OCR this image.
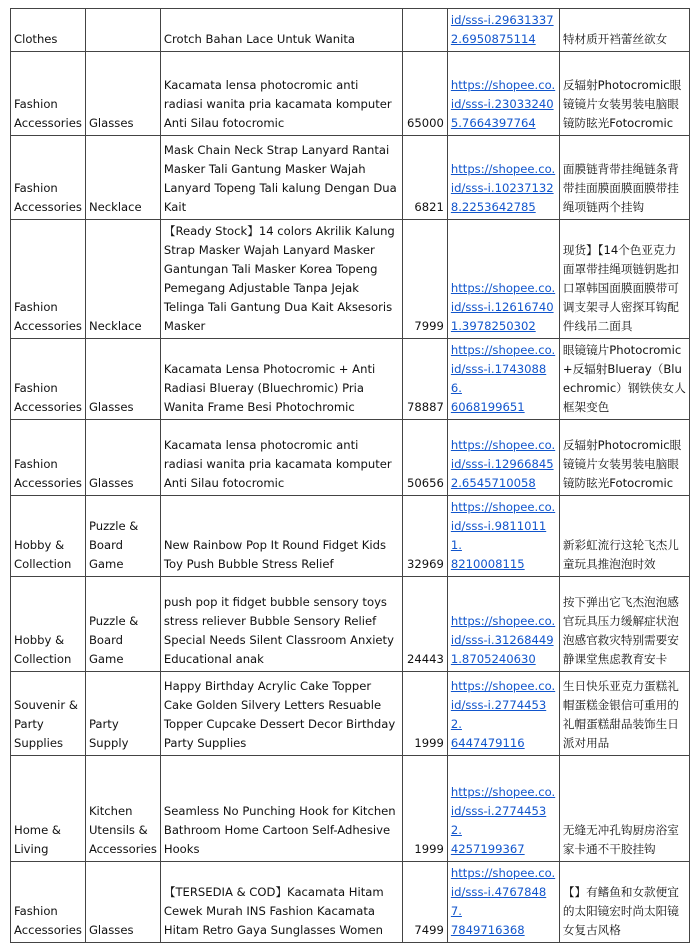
Clothes		Crotch Bahan Lace Untuk Wanita		id/sss-i.29631337
2.6950875114	特材质开裆蕾丝欲女
Fashion Accessories	Glasses	Kacamata lensa photocromic anti radiasi wanita pria kacamata komputer Anti Silau fotocromic	65000	https://shopee.co.
id/sss-i.23033240
5.7664397764	反辐射Photocromic眼镜镜片女装男装电脑眼镜防眩光Fotocromic
Fashion Accessories	Necklace	Mask Chain Neck Strap Lanyard Rantai Masker Tali Gantung Masker Wajah Lanyard Topeng Tali kalung Dengan Dua Kait	6821	https://shopee.co.
id/sss-i.10237132
8.2253642785	面膜链背带挂绳链条背带挂面膜面膜面膜带挂绳项链两个挂钩
Fashion Accessories	Necklace	【Ready Stock】14 colors Akrilik Kalung Strap Masker Wajah Lanyard Masker Gantungan Tali Masker Korea Topeng Pemegang Adjustable Tanpa Jejak Telinga Tali Gantung Dua Kait Aksesoris Masker	7999	https://shopee.co.
id/sss-i.12616740
1.3978250302	现货】【14个色亚克力面罩带挂绳项链钥匙扣口罩韩国面膜面膜带可调支架寻人密探耳钩配件线吊二面具
Fashion Accessories	Glasses	Kacamata Lensa Photocromic + Anti Radiasi Blueray (Bluechromic) Pria Wanita Frame Besi Photochromic	78887	https://shopee.co.
id/sss-i.17430886.
6068199651	眼镜镜片Photocromic+反辐射Blueray（Bluechromic）钢铁侠女人框架变色
Fashion Accessories	Glasses	Kacamata lensa photocromic anti radiasi wanita pria kacamata komputer Anti Silau fotocromic	50656	https://shopee.co.
id/sss-i.12966845
2.6545710058	反辐射Photocromic眼镜镜片女装男装电脑眼镜防眩光Fotocromic
Hobby & Collection	Puzzle & Board Game	New Rainbow Pop It Round Fidget Kids Toy Push Bubble Stress Relief	32969	https://shopee.co.
id/sss-i.98110111.
8210008115	新彩虹流行这轮飞杰儿童玩具推泡泡时效
Hobby & Collection	Puzzle & Board Game	push pop it fidget bubble sensory toys stress reliever Bubble Sensory Relief Special Needs Silent Classroom Anxiety Educational anak	24443	https://shopee.co.
id/sss-i.31268449
1.8705240630	按下弹出它飞杰泡泡感官玩具压力缓解症状泡泡感官救灾特别需要安静课堂焦虑教育安卡
Souvenir & Party Supplies	Party Supply	Happy Birthday Acrylic Cake Topper Cake Golden Silvery Letters Resuable Topper Cupcake Dessert Decor Birthday Party Supplies	1999	https://shopee.co.
id/sss-i.27744532.
6447479116	生日快乐亚克力蛋糕礼帽蛋糕金银信可重用的礼帽蛋糕甜品装饰生日派对用品
Home & Living	Kitchen Utensils & Accessories	Seamless No Punching Hook for Kitchen Bathroom Home Cartoon Self-Adhesive Hooks	1999	https://shopee.co.
id/sss-i.27744532.
4257199367	无缝无冲孔钩厨房浴室家卡通不干胶挂钩
Fashion Accessories	Glasses	【TERSEDIA & COD】Kacamata Hitam Cewek Murah INS Fashion Kacamata Hitam Retro Gaya Sunglasses Women	7499	https://shopee.co.
id/sss-i.47678487.
7849716368	【】有鳍鱼和女款便宜的太阳镜宏时尚太阳镜女复古风格
